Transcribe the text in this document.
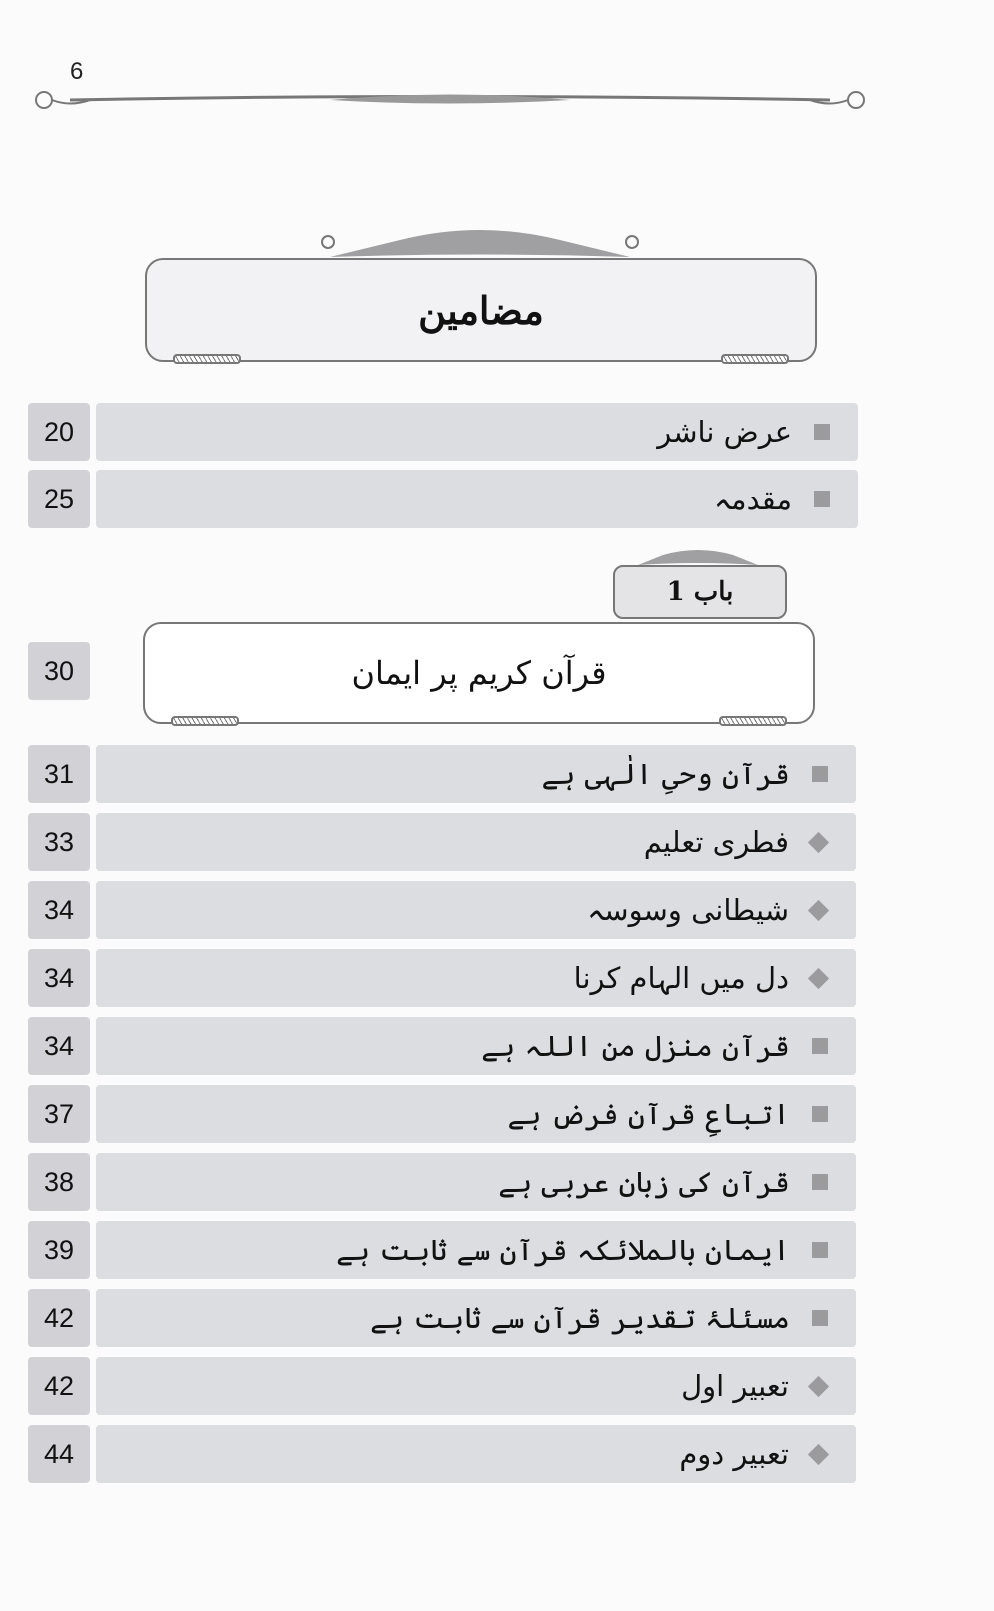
6
مضامین
20	عرض ناشر
25	مقدمہ
باب 1
30	قرآن کریم پر ایمان
31	قرآن وحیِ الٰہی ہے
33	فطری تعلیم
34	شیطانی وسوسہ
34	دل میں الہام کرنا
34	قرآن منزل من اللہ ہے
37	اتباعِ قرآن فرض ہے
38	قرآن کی زبان عربی ہے
39	ایمان بالملائکہ قرآن سے ثابت ہے
42	مسئلۂ تقدیر قرآن سے ثابت ہے
42	تعبیر اول
44	تعبیر دوم
